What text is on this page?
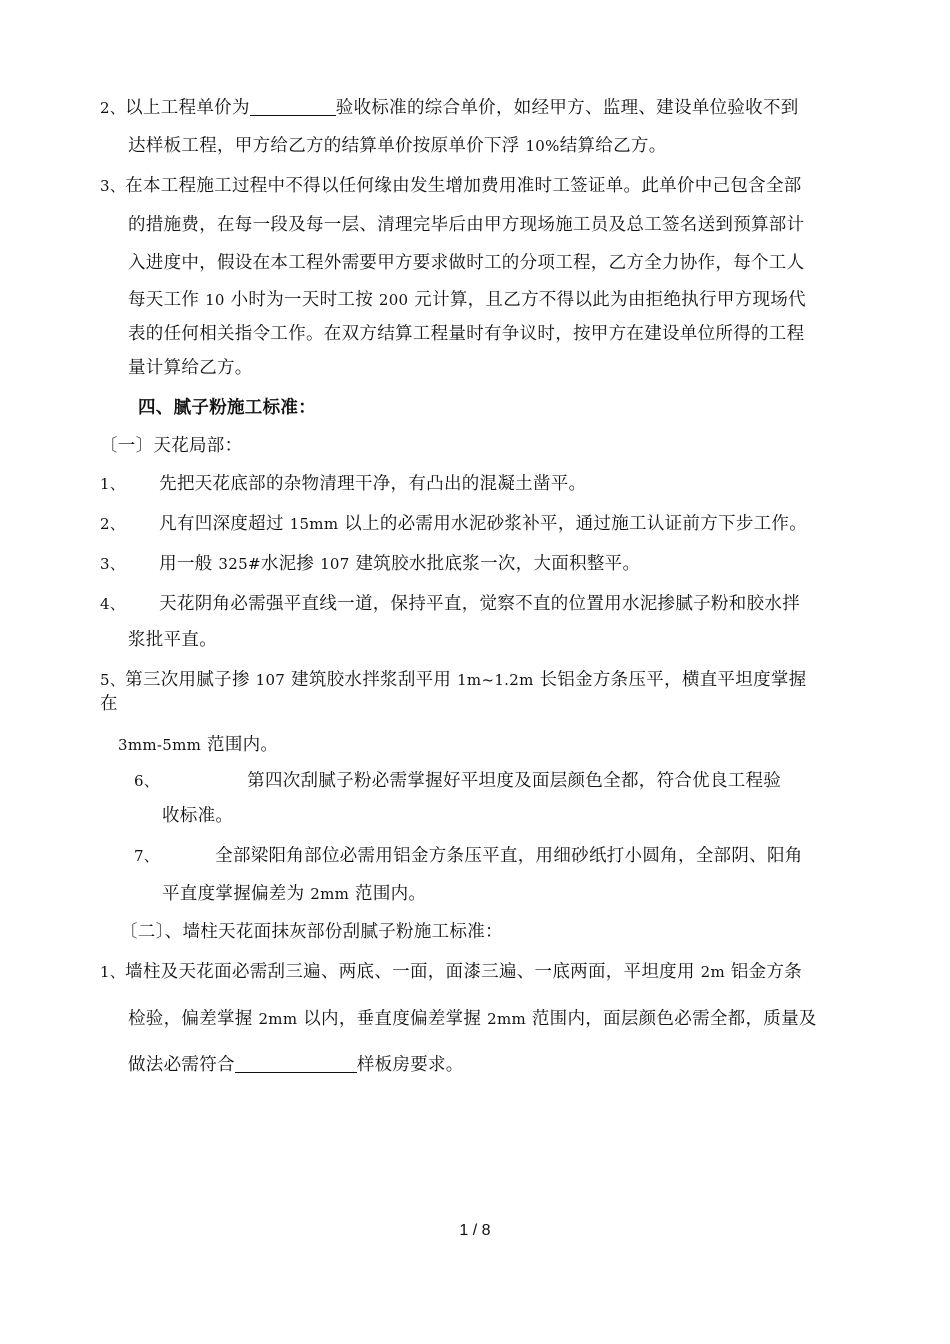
2、以上工程单价为	验收标准的综合单价，如经甲方、监理、建设单位验收不到
达样板工程，甲方给乙方的结算单价按原单价下浮 10%结算给乙方。
3、在本工程施工过程中不得以任何缘由发生增加费用准时工签证单。此单价中己包含全部
的措施费，在每一段及每一层、清理完毕后由甲方现场施工员及总工签名送到预算部计
入进度中，假设在本工程外需要甲方要求做时工的分项工程，乙方全力协作，每个工人
每天工作 10 小时为一天时工按 200 元计算，且乙方不得以此为由拒绝执行甲方现场代
表的任何相关指令工作。在双方结算工程量时有争议时，按甲方在建设单位所得的工程
量计算给乙方。
四、腻子粉施工标准：
〔一〕天花局部：
1、 先把天花底部的杂物清理干净，有凸出的混凝土凿平。
2、 凡有凹深度超过 15mm 以上的必需用水泥砂浆补平，通过施工认证前方下步工作。
3、 用一般 325#水泥掺 107 建筑胶水批底浆一次，大面积整平。
4、 天花阴角必需强平直线一道，保持平直，觉察不直的位置用水泥掺腻子粉和胶水拌
浆批平直。
5、第三次用腻子掺 107 建筑胶水拌浆刮平用 1m~1.2m 长铝金方条压平，横直平坦度掌握
在
3mm-5mm 范围内。
6、	第四次刮腻子粉必需掌握好平坦度及面层颜色全都，符合优良工程验
收标准。
7、	全部梁阳角部位必需用铝金方条压平直，用细砂纸打小圆角，全部阴、阳角
平直度掌握偏差为 2mm 范围内。
〔二〕、墙柱天花面抹灰部份刮腻子粉施工标准：
1、墙柱及天花面必需刮三遍、两底、一面，面漆三遍、一底两面，平坦度用 2m 铝金方条
检验，偏差掌握 2mm 以内，垂直度偏差掌握 2mm 范围内，面层颜色必需全都，质量及
做法必需符合	样板房要求。
1 / 8
